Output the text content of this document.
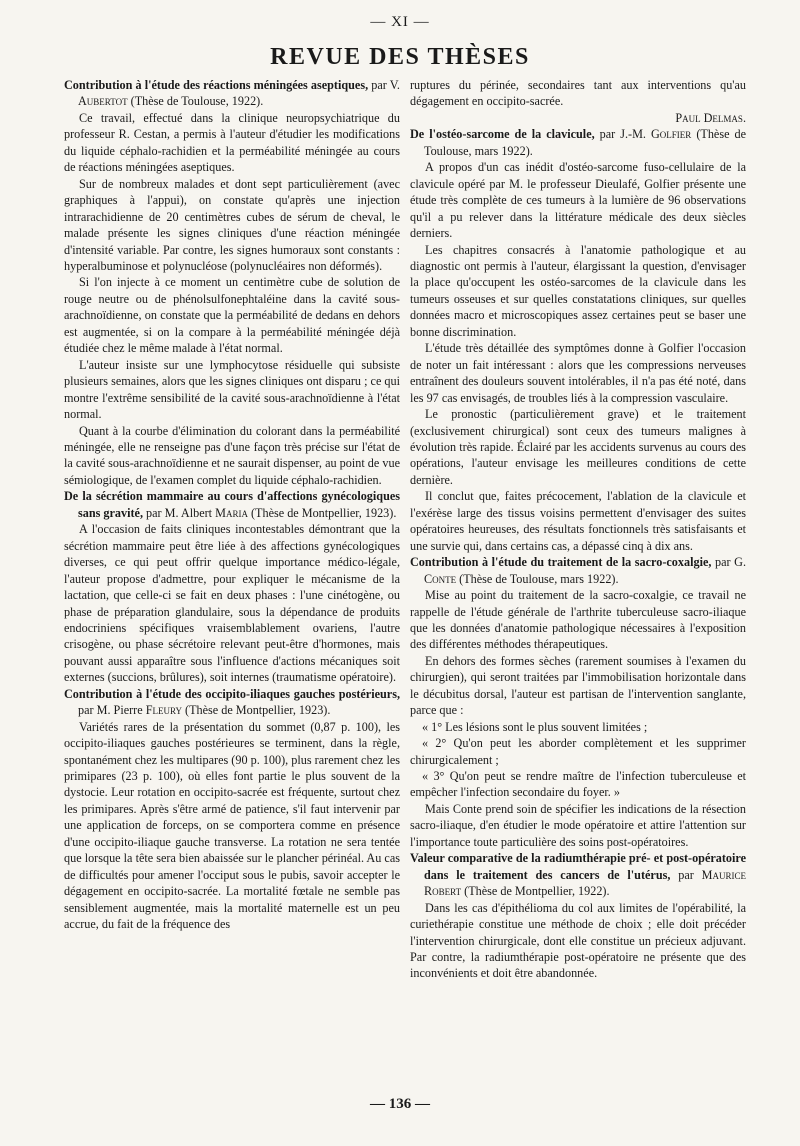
— XI —
REVUE DES THÈSES

Contribution à l'étude des réactions méningées aseptiques, par V. Aubertot (Thèse de Toulouse, 1922).

Ce travail, effectué dans la clinique neuropsychiatrique du professeur R. Cestan, a permis à l'auteur d'étudier les modifications du liquide céphalo-rachidien et la perméabilité méningée au cours de réactions méningées aseptiques.

Sur de nombreux malades et dont sept particulièrement (avec graphiques à l'appui), on constate qu'après une injection intrarachidienne de 20 centimètres cubes de sérum de cheval, le malade présente les signes cliniques d'une réaction méningée d'intensité variable. Par contre, les signes humoraux sont constants : hyperalbuminose et polynucléose (polynucléaires non déformés).

Si l'on injecte à ce moment un centimètre cube de solution de rouge neutre ou de phénolsulfonephtaléine dans la cavité sous-arachnoïdienne, on constate que la perméabilité de dedans en dehors est augmentée, si on la compare à la perméabilité méningée déjà étudiée chez le même malade à l'état normal.

L'auteur insiste sur une lymphocytose résiduelle qui subsiste plusieurs semaines, alors que les signes cliniques ont disparu ; ce qui montre l'extrême sensibilité de la cavité sous-arachnoïdienne à l'état normal.

Quant à la courbe d'élimination du colorant dans la perméabilité méningée, elle ne renseigne pas d'une façon très précise sur l'état de la cavité sous-arachnoïdienne et ne saurait dispenser, au point de vue sémiologique, de l'examen complet du liquide céphalo-rachidien.

De la sécrétion mammaire au cours d'affections gynécologiques sans gravité, par M. Albert Maria (Thèse de Montpellier, 1923).

A l'occasion de faits cliniques incontestables démontrant que la sécrétion mammaire peut être liée à des affections gynécologiques diverses, ce qui peut offrir quelque importance médico-légale, l'auteur propose d'admettre, pour expliquer le mécanisme de la lactation, que celle-ci se fait en deux phases : l'une cinétogène, ou phase de préparation glandulaire, sous la dépendance de produits endocriniens spécifiques vraisemblablement ovariens, l'autre crisogène, ou phase sécrétoire relevant peut-être d'hormones, mais pouvant aussi apparaître sous l'influence d'actions mécaniques soit externes (succions, brûlures), soit internes (traumatisme opératoire).

Contribution à l'étude des occipito-iliaques gauches postérieurs, par M. Pierre Fleury (Thèse de Montpellier, 1923).

Variétés rares de la présentation du sommet (0,87 p. 100), les occipito-iliaques gauches postérieures se terminent, dans la règle, spontanément chez les multipares (90 p. 100), plus rarement chez les primipares (23 p. 100), où elles font partie le plus souvent de la dystocie. Leur rotation en occipito-sacrée est fréquente, surtout chez les primipares. Après s'être armé de patience, s'il faut intervenir par une application de forceps, on se comportera comme en présence d'une occipito-iliaque gauche transverse. La rotation ne sera tentée que lorsque la tête sera bien abaissée sur le plancher périnéal. Au cas de difficultés pour amener l'occiput sous le pubis, savoir accepter le dégagement en occipito-sacrée. La mortalité fœtale ne semble pas sensiblement augmentée, mais la mortalité maternelle est un peu accrue, du fait de la fréquence des

ruptures du périnée, secondaires tant aux interventions qu'au dégagement en occipito-sacrée.

Paul Delmas.

De l'ostéo-sarcome de la clavicule, par J.-M. Golfier (Thèse de Toulouse, mars 1922).

A propos d'un cas inédit d'ostéo-sarcome fuso-cellulaire de la clavicule opéré par M. le professeur Dieulafé, Golfier présente une étude très complète de ces tumeurs à la lumière de 96 observations qu'il a pu relever dans la littérature médicale des deux siècles derniers.

Les chapitres consacrés à l'anatomie pathologique et au diagnostic ont permis à l'auteur, élargissant la question, d'envisager la place qu'occupent les ostéo-sarcomes de la clavicule dans les tumeurs osseuses et sur quelles constatations cliniques, sur quelles données macro et microscopiques assez certaines peut se baser une bonne discrimination.

L'étude très détaillée des symptômes donne à Golfier l'occasion de noter un fait intéressant : alors que les compressions nerveuses entraînent des douleurs souvent intolérables, il n'a pas été noté, dans les 97 cas envisagés, de troubles liés à la compression vasculaire.

Le pronostic (particulièrement grave) et le traitement (exclusivement chirurgical) sont ceux des tumeurs malignes à évolution très rapide. Éclairé par les accidents survenus au cours des opérations, l'auteur envisage les meilleures conditions de cette dernière.

Il conclut que, faites précocement, l'ablation de la clavicule et l'exérèse large des tissus voisins permettent d'envisager des suites opératoires heureuses, des résultats fonctionnels très satisfaisants et une survie qui, dans certains cas, a dépassé cinq à dix ans.

Contribution à l'étude du traitement de la sacro-coxalgie, par G. Conte (Thèse de Toulouse, mars 1922).

Mise au point du traitement de la sacro-coxalgie, ce travail ne rappelle de l'étude générale de l'arthrite tuberculeuse sacro-iliaque que les données d'anatomie pathologique nécessaires à l'exposition des différentes méthodes thérapeutiques.

En dehors des formes sèches (rarement soumises à l'examen du chirurgien), qui seront traitées par l'immobilisation horizontale dans le décubitus dorsal, l'auteur est partisan de l'intervention sanglante, parce que :

« 1° Les lésions sont le plus souvent limitées ;

« 2° Qu'on peut les aborder complètement et les supprimer chirurgicalement ;

« 3° Qu'on peut se rendre maître de l'infection tuberculeuse et empêcher l'infection secondaire du foyer. »

Mais Conte prend soin de spécifier les indications de la résection sacro-iliaque, d'en étudier le mode opératoire et attire l'attention sur l'importance toute particulière des soins post-opératoires.

Valeur comparative de la radiumthérapie pré- et post-opératoire dans le traitement des cancers de l'utérus, par Maurice Robert (Thèse de Montpellier, 1922).

Dans les cas d'épithélioma du col aux limites de l'opérabilité, la curiethérapie constitue une méthode de choix ; elle doit précéder l'intervention chirurgicale, dont elle constitue un précieux adjuvant. Par contre, la radiumthérapie post-opératoire ne présente que des inconvénients et doit être abandonnée.

— 136 —
